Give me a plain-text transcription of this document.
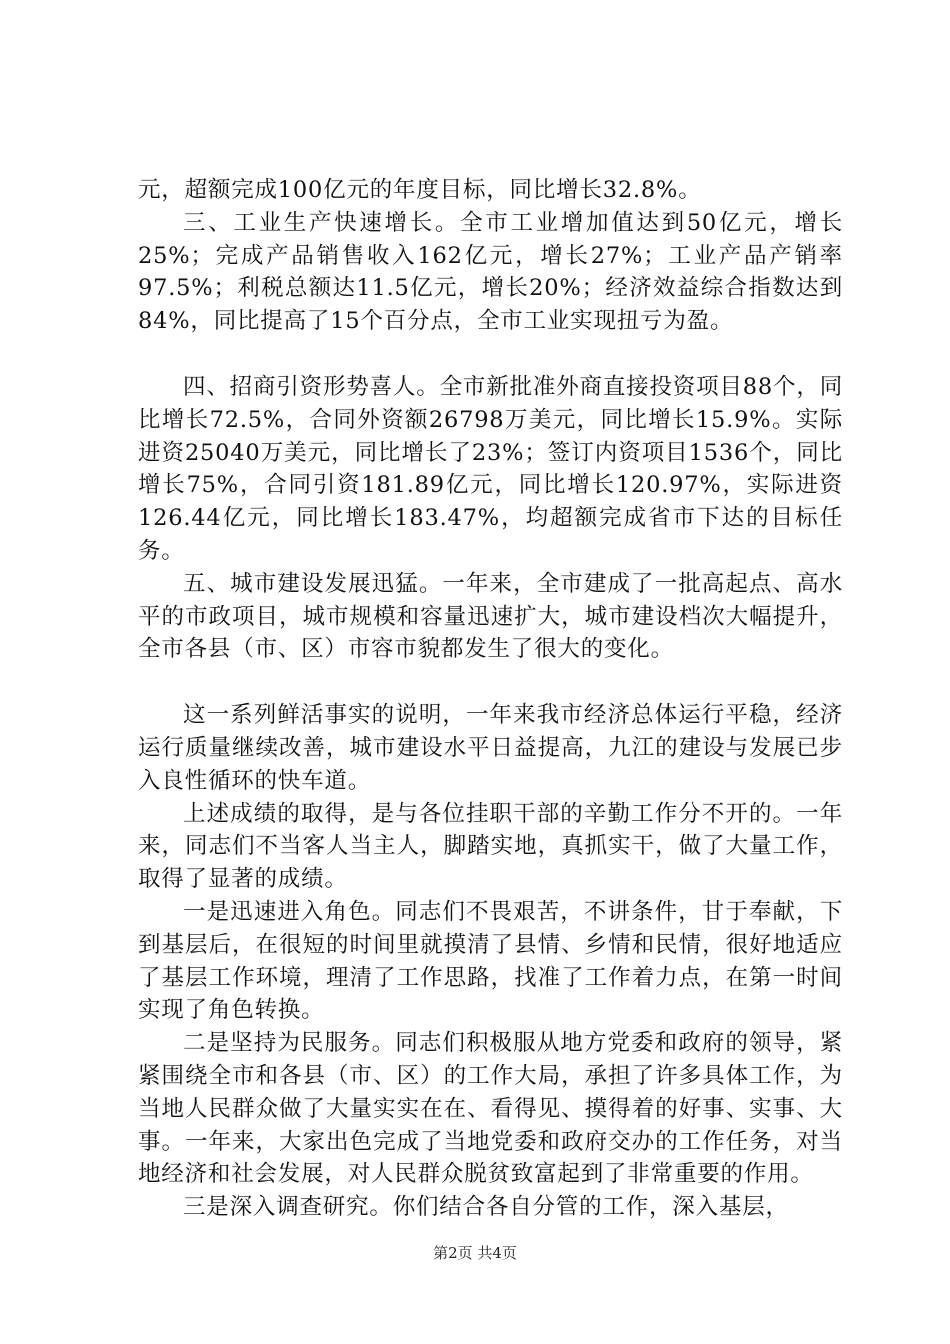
元，超额完成100亿元的年度目标，同比增长32.8%。

三、工业生产快速增长。全市工业增加值达到50亿元，增长25%；完成产品销售收入162亿元，增长27%；工业产品产销率97.5%；利税总额达11.5亿元，增长20%；经济效益综合指数达到84%，同比提高了15个百分点，全市工业实现扭亏为盈。

四、招商引资形势喜人。全市新批准外商直接投资项目88个，同比增长72.5%，合同外资额26798万美元，同比增长15.9%。实际进资25040万美元，同比增长了23%；签订内资项目1536个，同比增长75%，合同引资181.89亿元，同比增长120.97%，实际进资126.44亿元，同比增长183.47%，均超额完成省市下达的目标任务。

五、城市建设发展迅猛。一年来，全市建成了一批高起点、高水平的市政项目，城市规模和容量迅速扩大，城市建设档次大幅提升，全市各县（市、区）市容市貌都发生了很大的变化。

这一系列鲜活事实的说明，一年来我市经济总体运行平稳，经济运行质量继续改善，城市建设水平日益提高，九江的建设与发展已步入良性循环的快车道。

上述成绩的取得，是与各位挂职干部的辛勤工作分不开的。一年来，同志们不当客人当主人，脚踏实地，真抓实干，做了大量工作，取得了显著的成绩。

一是迅速进入角色。同志们不畏艰苦，不讲条件，甘于奉献，下到基层后，在很短的时间里就摸清了县情、乡情和民情，很好地适应了基层工作环境，理清了工作思路，找准了工作着力点，在第一时间实现了角色转换。

二是坚持为民服务。同志们积极服从地方党委和政府的领导，紧紧围绕全市和各县（市、区）的工作大局，承担了许多具体工作，为当地人民群众做了大量实实在在、看得见、摸得着的好事、实事、大事。一年来，大家出色完成了当地党委和政府交办的工作任务，对当地经济和社会发展，对人民群众脱贫致富起到了非常重要的作用。

三是深入调查研究。你们结合各自分管的工作，深入基层，

第2页 共4页
